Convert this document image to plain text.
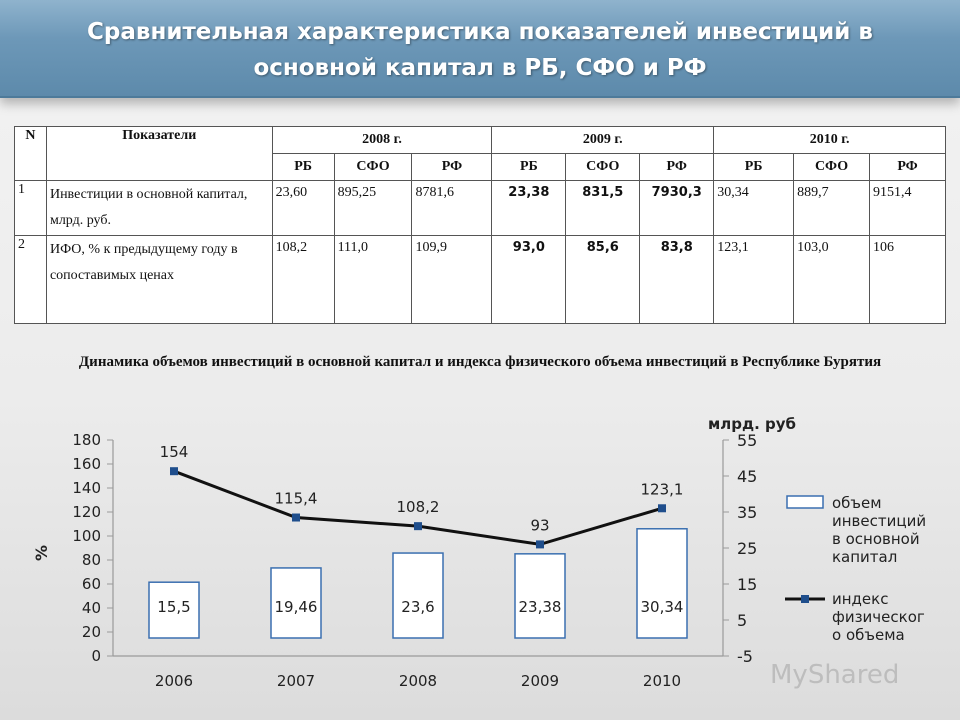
Сравнительная характеристика показателей инвестиций в основной капитал в РБ, СФО и РФ
N	Показатели	2008 г.			2009 г.			2010 г.		
		РБ	СФО	РФ	РБ	СФО	РФ	РБ	СФО	РФ
1	Инвестиции в основной капитал, млрд. руб.	23,60	895,25	8781,6	23,38	831,5	7930,3	30,34	889,7	9151,4
2	ИФО, % к предыдущему году в сопоставимых ценах	108,2	111,0	109,9	93,0	85,6	83,8	123,1	103,0	106
Динамика объемов инвестиций в основной капитал и индекса физического объема инвестиций в Республике Бурятия
0
20
40
60
80
100
120
140
160
180
-5
5
15
25
35
45
55
%
млрд. руб
2006	2007	2008	2009	2010
15,5	19,46	23,6	23,38	30,34
154
115,4	108,2
93
123,1
объем
инвестиций
в основной
капитал
индекс
физическог
о объема
MyShared
